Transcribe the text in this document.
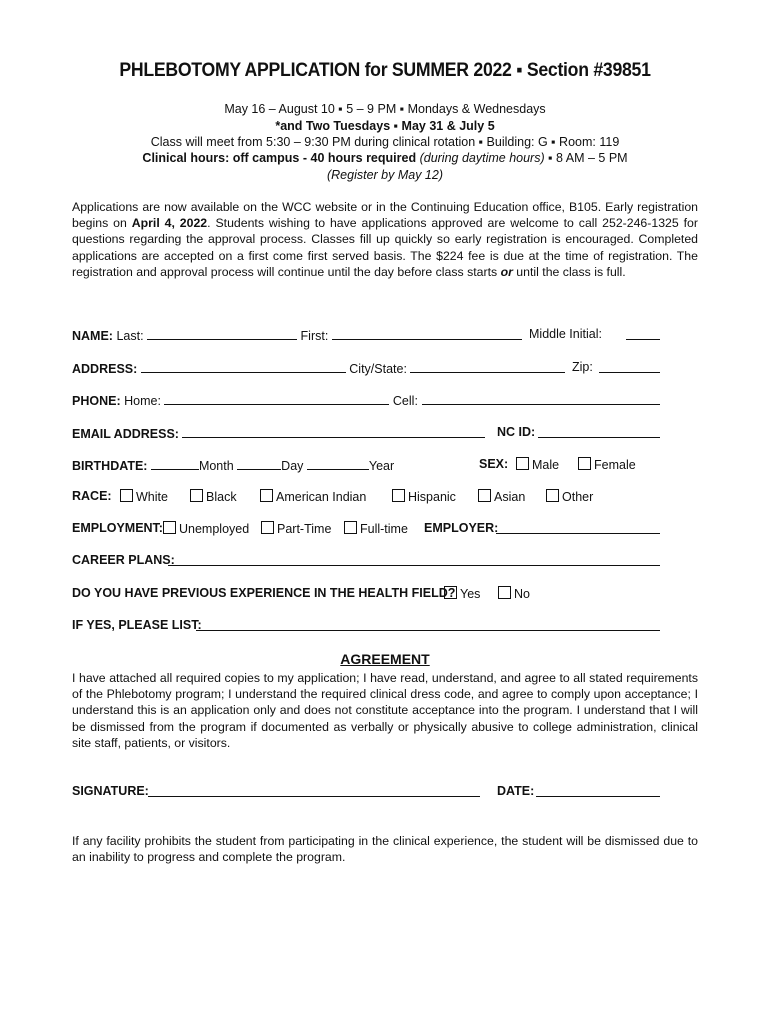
PHLEBOTOMY APPLICATION for SUMMER 2022 ▪ Section #39851
May 16 – August 10 ▪ 5 – 9 PM ▪ Mondays & Wednesdays
*and Two Tuesdays ▪ May 31 & July 5
Class will meet from 5:30 – 9:30 PM during clinical rotation ▪ Building: G ▪ Room: 119
Clinical hours: off campus - 40 hours required (during daytime hours) ▪ 8 AM – 5 PM
(Register by May 12)
Applications are now available on the WCC website or in the Continuing Education office, B105. Early registration begins on April 4, 2022. Students wishing to have applications approved are welcome to call 252-246-1325 for questions regarding the approval process. Classes fill up quickly so early registration is encouraged. Completed applications are accepted on a first come first served basis. The $224 fee is due at the time of registration. The registration and approval process will continue until the day before class starts or until the class is full.
NAME: Last:	First:	Middle Initial:
ADDRESS:	City/State:	Zip:
PHONE: Home:	Cell:
EMAIL ADDRESS:	NC ID:
BIRTHDATE:	Month	Day	Year	SEX:	Male	Female
RACE:	White	Black	American Indian	Hispanic	Asian	Other
EMPLOYMENT:	Unemployed	Part-Time	Full-time EMPLOYER:
CAREER PLANS:
DO YOU HAVE PREVIOUS EXPERIENCE IN THE HEALTH FIELD? Yes	No
IF YES, PLEASE LIST:
AGREEMENT
I have attached all required copies to my application; I have read, understand, and agree to all stated requirements of the Phlebotomy program; I understand the required clinical dress code, and agree to comply upon acceptance; I understand this is an application only and does not constitute acceptance into the program. I understand that I will be dismissed from the program if documented as verbally or physically abusive to college administration, clinical site staff, patients, or visitors.
SIGNATURE:	DATE:
If any facility prohibits the student from participating in the clinical experience, the student will be dismissed due to an inability to progress and complete the program.
